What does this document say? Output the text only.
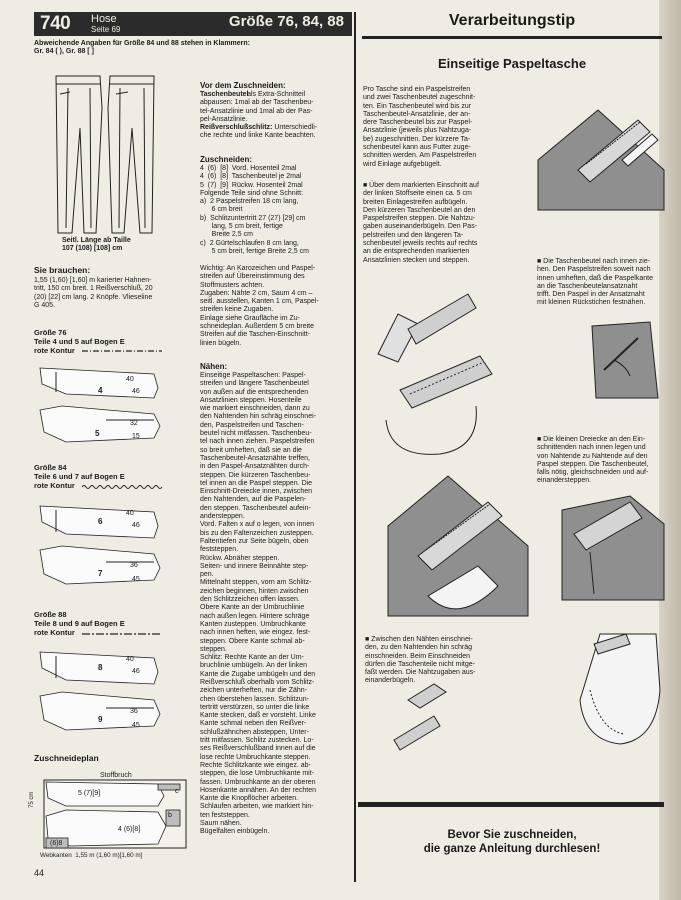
740 Hose
Seite 69	Größe 76, 84, 88
Abweichende Angaben für Größe 84 und 88 stehen in Klammern:
Gr. 84 ( ), Gr. 88 [ ]
Seitl. Länge ab Taille
107 (108) [108] cm
Sie brauchen:
1,55 (1,60) [1,60] m karierter Hahnen-
tritt, 150 cm breit. 1 Reißverschluß, 20
(20) [22] cm lang. 2 Knöpfe. Vlieseline
G 405.
Größe 76
Teile 4 und 5 auf Bogen E
rote Kontur
4
40
46
5
32
15
Größe 84
Teile 6 und 7 auf Bogen E
rote Kontur
6
40
46
7
36
45
Größe 88
Teile 8 und 9 auf Bogen E
rote Kontur
8
40
46
9
36
45
Zuschneideplan
Stoffbruch
5 (7)[9]
4 (6)[8]
(6)8
c
b
75 cm
Webkanten  1,55 m (1,60 m)[1,60 m]
Vor dem Zuschneiden:
Taschenbeutel
als Extra-Schnitteil
abpausen: 1mal ab der Taschenbeu-
tel-Ansatzlinie und 1mal ab der Pas-
pel-Ansatzlinie.
Reißverschlußschlitz: Unterschiedli-
che rechte und linke Kante beachten.
Zuschneiden:
4  (6)  [8]  Vord. Hosenteil 2mal
4  (6)  [8]  Taschenbeutel je 2mal
5  (7)  [9]  Rückw. Hosenteil 2mal
Folgende Teile sind ohne Schnitt:
a)  2 Paspelstreifen 18 cm lang,
6 cm breit
b)  Schlitzuntertritt 27 (27) [29] cm
lang, 5 cm breit, fertige
Breite 2,5 cm
c)  2 Gürtelschlaufen 8 cm lang,
5 cm breit, fertige Breite 2,5 cm
Wichtig: An Karozeichen und Paspel-
streifen auf Übereinstimmung des
Stoffmusters achten.
Zugaben: Nähte 2 cm, Saum 4 cm –
seitl. ausstellen, Kanten 1 cm, Paspel-
streifen keine Zugaben.
Einlage siehe Graufläche im Zu-
schneideplan. Außerdem 5 cm breite
Streifen auf die Taschen-Einschnitt-
linien bügeln.
Nähen:
Einseitige Paspeltaschen: Paspel-
streifen und längere Taschenbeutel
von außen auf die entsprechenden
Ansatzlinien steppen. Hosenteile
wie markiert einschneiden, dann zu
den Nahtenden hin schräg einschnei-
den, Paspelstreifen und Taschen-
beutel nicht mitfassen. Taschenbeu-
tel nach innen ziehen. Paspelstreifen
so breit umheften, daß sie an die
Taschenbeutel-Ansatznähte treffen,
in den Paspel-Ansatznähten durch-
steppen. Die kürzeren Taschenbeu-
tel innen an die Paspel steppen. Die
Einschnitt-Dreiecke innen, zwischen
den Nahtenden, auf die Paspelen-
den steppen. Taschenbeutel aufein-
andersteppen.
Vord. Falten x auf o legen, von innen
bis zu den Faltenzeichen zusteppen.
Faltentiefen zur Seite bügeln, oben
feststeppen.
Rückw. Abnäher steppen.
Seiten- und innere Beinnähte step-
pen.
Mittelnaht steppen, vorn am Schlitz-
zeichen beginnen, hinten zwischen
den Schlitzzeichen offen lassen.
Obere Kante an der Umbruchlinie
nach außen legen. Hintere schräge
Kanten zusteppen. Umbruchkante
nach innen heften, wie eingez. fest-
steppen. Obere Kante schmal ab-
steppen.
Schlitz: Rechte Kante an der Um-
bruchlinie umbügeln. An der linken
Kante die Zugabe umbügeln und den
Reißverschluß oberhalb vom Schlitz-
zeichen unterheften, nur die Zähn-
chen überstehen lassen. Schlitzun-
tertritt verstürzen, so unter die linke
Kante stecken, daß er vorsteht. Linke
Kante schmal neben den Reißver-
schlußzähnchen absteppen, Unter-
tritt mitfassen. Schlitz zustecken. Lo-
ses Reißverschlußband innen auf die
lose rechte Umbruchkante steppen.
Rechte Schlitzkante wie eingez. ab-
steppen, die lose Umbruchkante mit-
fassen. Umbruchkante an der oberen
Hosenkante annähen. An der rechten
Kante die Knopflöcher arbeiten.
Schlaufen arbeiten, wie markiert hin-
ten feststeppen.
Saum nähen.
Bügelfalten einbügeln.
44
Verarbeitungstip
Einseitige Paspeltasche
Pro Tasche sind ein Paspelstreifen
und zwei Taschenbeutel zugeschnit-
ten. Ein Taschenbeutel wird bis zur
Taschenbeutel-Ansatzlinie, der an-
dere Taschenbeutel bis zur Paspel-
Ansatzlinie (jeweils plus Nahtzuga-
be) zugeschnitten. Der kürzere Ta-
schenbeutel kann aus Futter zuge-
schnitten werden. Am Paspelstreifen
wird Einlage aufgebügelt.
■ Über dem markierten Einschnitt auf
der linken Stoffseite einen ca. 5 cm
breiten Einlagestreifen aufbügeln.
Den kürzeren Taschenbeutel an den
Paspelstreifen steppen. Die Nahtzu-
gaben auseinanderbügeln. Den Pas-
pelstreifen und den längeren Ta-
schenbeutel jeweils rechts auf rechts
an die entsprechenden markierten
Ansatzlinien stecken und steppen.	■ Die Taschenbeutel nach innen zie-
hen. Den Paspelstreifen soweit nach
innen umheften, daß die Paspelkante
an die Taschenbeutelansatznaht
trifft. Den Paspel in der Ansatznaht
mit kleinen Rückstichen festnähen.
■ Die kleinen Dreiecke an den Ein-
schnittenden nach innen legen und
von Nahtende zu Nahtende auf den
Paspel steppen. Die Taschenbeutel,
falls nötig, gleichschneiden und auf-
einandersteppen.
■ Zwischen den Nähten einschnei-
den, zu den Nahtenden hin schräg
einschneiden. Beim Einschneiden
dürfen die Taschenteile nicht mitge-
faßt werden. Die Nahtzugaben aus-
einanderbügeln.
Bevor Sie zuschneiden,
die ganze Anleitung durchlesen!
